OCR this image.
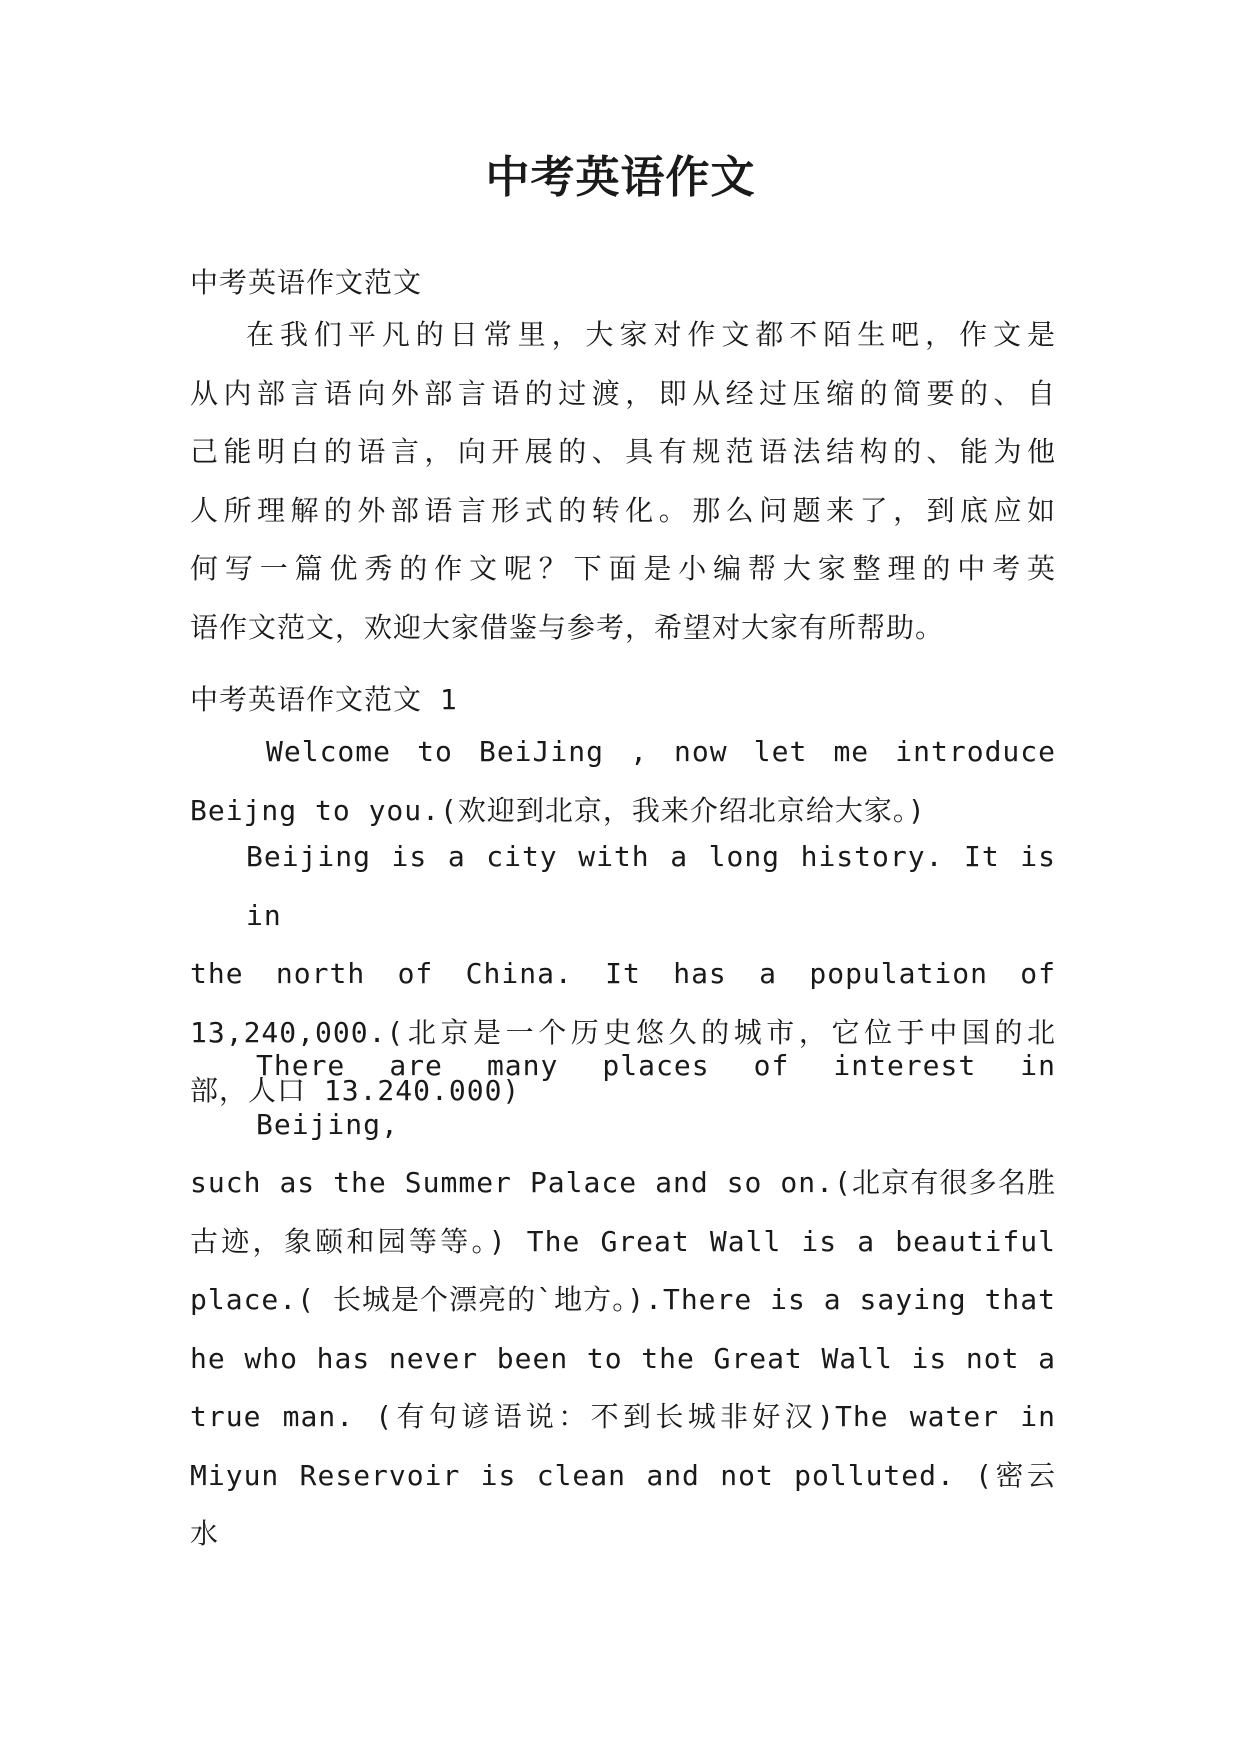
中考英语作文
中考英语作文范文
在我们平凡的日常里，大家对作文都不陌生吧，作文是
从内部言语向外部言语的过渡，即从经过压缩的简要的、自
己能明白的语言，向开展的、具有规范语法结构的、能为他
人所理解的外部语言形式的转化。那么问题来了，到底应如
何写一篇优秀的作文呢？下面是小编帮大家整理的中考英
语作文范文，欢迎大家借鉴与参考，希望对大家有所帮助。
中考英语作文范文 1
Welcome to BeiJing , now let me introduce
Beijng to you.(欢迎到北京，我来介绍北京给大家。)
Beijing is a city with a long history. It is in
the north of China. It has a population of
13,240,000.(北京是一个历史悠久的城市，它位于中国的北
部，人口 13.240.000)
There are many places of interest in Beijing,
such as the Summer Palace and so on.(北京有很多名胜
古迹，象颐和园等等。) The Great Wall is a beautiful
place.( 长城是个漂亮的`地方。).There is a saying that
he who has never been to the Great Wall is not a
true man. (有句谚语说：不到长城非好汉)The water in
Miyun Reservoir is clean and not polluted. (密云水
